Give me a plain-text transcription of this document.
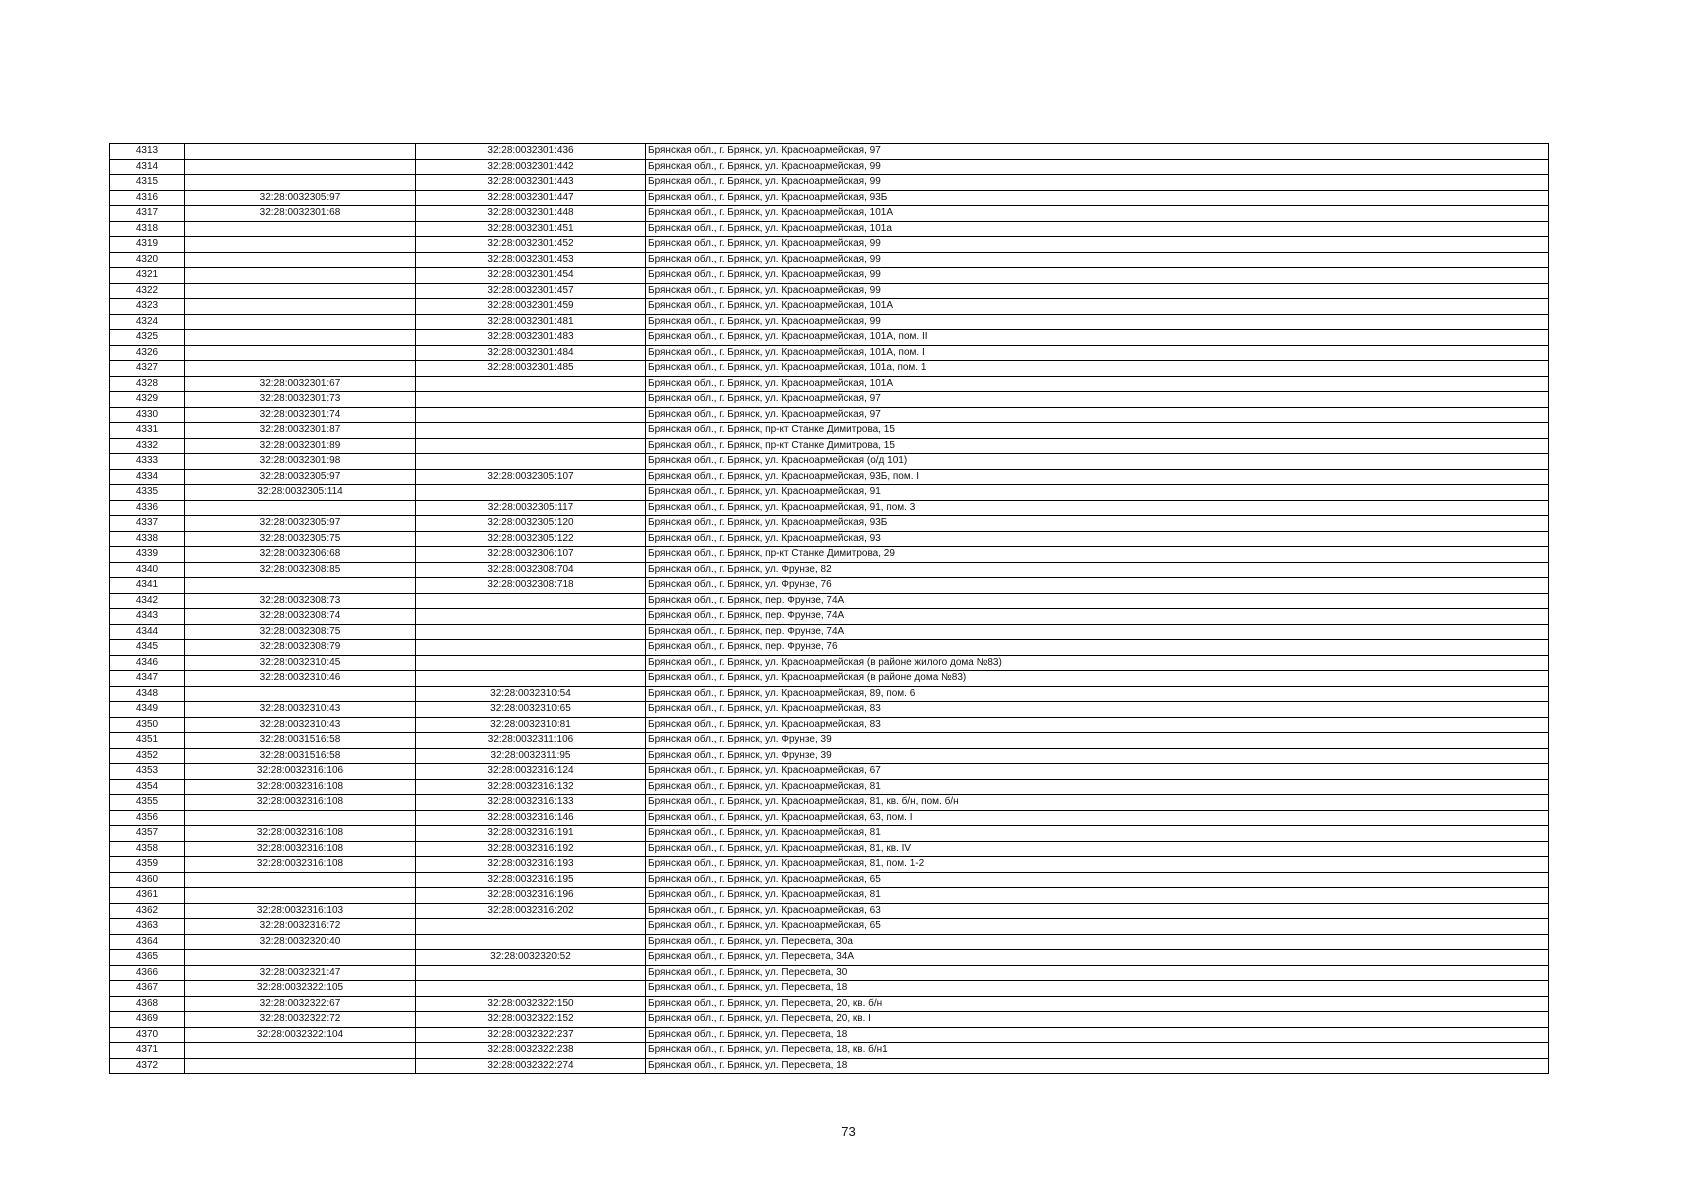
4313		32:28:0032301:436	Брянская обл., г. Брянск, ул. Красноармейская, 97
4314		32:28:0032301:442	Брянская обл., г. Брянск, ул. Красноармейская, 99
4315		32:28:0032301:443	Брянская обл., г. Брянск, ул. Красноармейская, 99
4316	32:28:0032305:97	32:28:0032301:447	Брянская обл., г. Брянск, ул. Красноармейская, 93Б
4317	32:28:0032301:68	32:28:0032301:448	Брянская обл., г. Брянск, ул. Красноармейская, 101А
4318		32:28:0032301:451	Брянская обл., г. Брянск, ул. Красноармейская, 101а
4319		32:28:0032301:452	Брянская обл., г. Брянск, ул. Красноармейская, 99
4320		32:28:0032301:453	Брянская обл., г. Брянск, ул. Красноармейская, 99
4321		32:28:0032301:454	Брянская обл., г. Брянск, ул. Красноармейская, 99
4322		32:28:0032301:457	Брянская обл., г. Брянск, ул. Красноармейская, 99
4323		32:28:0032301:459	Брянская обл., г. Брянск, ул. Красноармейская, 101А
4324		32:28:0032301:481	Брянская обл., г. Брянск, ул. Красноармейская, 99
4325		32:28:0032301:483	Брянская обл., г. Брянск, ул. Красноармейская, 101А, пом. II
4326		32:28:0032301:484	Брянская обл., г. Брянск, ул. Красноармейская, 101А, пом. I
4327		32:28:0032301:485	Брянская обл., г. Брянск, ул. Красноармейская, 101а, пом. 1
4328	32:28:0032301:67		Брянская обл., г. Брянск, ул. Красноармейская, 101А
4329	32:28:0032301:73		Брянская обл., г. Брянск, ул. Красноармейская, 97
4330	32:28:0032301:74		Брянская обл., г. Брянск, ул. Красноармейская, 97
4331	32:28:0032301:87		Брянская обл., г. Брянск, пр-кт Станке Димитрова, 15
4332	32:28:0032301:89		Брянская обл., г. Брянск, пр-кт Станке Димитрова, 15
4333	32:28:0032301:98		Брянская обл., г. Брянск, ул. Красноармейская (о/д 101)
4334	32:28:0032305:97	32:28:0032305:107	Брянская обл., г. Брянск, ул. Красноармейская, 93Б, пом. I
4335	32:28:0032305:114		Брянская обл., г. Брянск, ул. Красноармейская, 91
4336		32:28:0032305:117	Брянская обл., г. Брянск, ул. Красноармейская, 91, пом. 3
4337	32:28:0032305:97	32:28:0032305:120	Брянская обл., г. Брянск, ул. Красноармейская, 93Б
4338	32:28:0032305:75	32:28:0032305:122	Брянская обл., г. Брянск, ул. Красноармейская, 93
4339	32:28:0032306:68	32:28:0032306:107	Брянская обл., г. Брянск, пр-кт Станке Димитрова, 29
4340	32:28:0032308:85	32:28:0032308:704	Брянская обл., г. Брянск, ул. Фрунзе, 82
4341		32:28:0032308:718	Брянская обл., г. Брянск, ул. Фрунзе, 76
4342	32:28:0032308:73		Брянская обл., г. Брянск, пер. Фрунзе, 74А
4343	32:28:0032308:74		Брянская обл., г. Брянск, пер. Фрунзе, 74А
4344	32:28:0032308:75		Брянская обл., г. Брянск, пер. Фрунзе, 74А
4345	32:28:0032308:79		Брянская обл., г. Брянск, пер. Фрунзе, 76
4346	32:28:0032310:45		Брянская обл., г. Брянск, ул. Красноармейская (в районе жилого дома №83)
4347	32:28:0032310:46		Брянская обл., г. Брянск, ул. Красноармейская (в районе дома №83)
4348		32:28:0032310:54	Брянская обл., г. Брянск, ул. Красноармейская, 89, пом. 6
4349	32:28:0032310:43	32:28:0032310:65	Брянская обл., г. Брянск, ул. Красноармейская, 83
4350	32:28:0032310:43	32:28:0032310:81	Брянская обл., г. Брянск, ул. Красноармейская, 83
4351	32:28:0031516:58	32:28:0032311:106	Брянская обл., г. Брянск, ул. Фрунзе, 39
4352	32:28:0031516:58	32:28:0032311:95	Брянская обл., г. Брянск, ул. Фрунзе, 39
4353	32:28:0032316:106	32:28:0032316:124	Брянская обл., г. Брянск, ул. Красноармейская, 67
4354	32:28:0032316:108	32:28:0032316:132	Брянская обл., г. Брянск, ул. Красноармейская, 81
4355	32:28:0032316:108	32:28:0032316:133	Брянская обл., г. Брянск, ул. Красноармейская, 81, кв. б/н, пом. б/н
4356		32:28:0032316:146	Брянская обл., г. Брянск, ул. Красноармейская, 63, пом. I
4357	32:28:0032316:108	32:28:0032316:191	Брянская обл., г. Брянск, ул. Красноармейская, 81
4358	32:28:0032316:108	32:28:0032316:192	Брянская обл., г. Брянск, ул. Красноармейская, 81, кв. IV
4359	32:28:0032316:108	32:28:0032316:193	Брянская обл., г. Брянск, ул. Красноармейская, 81, пом. 1-2
4360		32:28:0032316:195	Брянская обл., г. Брянск, ул. Красноармейская, 65
4361		32:28:0032316:196	Брянская обл., г. Брянск, ул. Красноармейская, 81
4362	32:28:0032316:103	32:28:0032316:202	Брянская обл., г. Брянск, ул. Красноармейская, 63
4363	32:28:0032316:72		Брянская обл., г. Брянск, ул. Красноармейская, 65
4364	32:28:0032320:40		Брянская обл., г. Брянск, ул. Пересвета, 30а
4365		32:28:0032320:52	Брянская обл., г. Брянск, ул. Пересвета, 34А
4366	32:28:0032321:47		Брянская обл., г. Брянск, ул. Пересвета, 30
4367	32:28:0032322:105		Брянская обл., г. Брянск, ул. Пересвета, 18
4368	32:28:0032322:67	32:28:0032322:150	Брянская обл., г. Брянск, ул. Пересвета, 20, кв. б/н
4369	32:28:0032322:72	32:28:0032322:152	Брянская обл., г. Брянск, ул. Пересвета, 20, кв. I
4370	32:28:0032322:104	32:28:0032322:237	Брянская обл., г. Брянск, ул. Пересвета, 18
4371		32:28:0032322:238	Брянская обл., г. Брянск, ул. Пересвета, 18, кв. б/н1
4372		32:28:0032322:274	Брянская обл., г. Брянск, ул. Пересвета, 18
73
